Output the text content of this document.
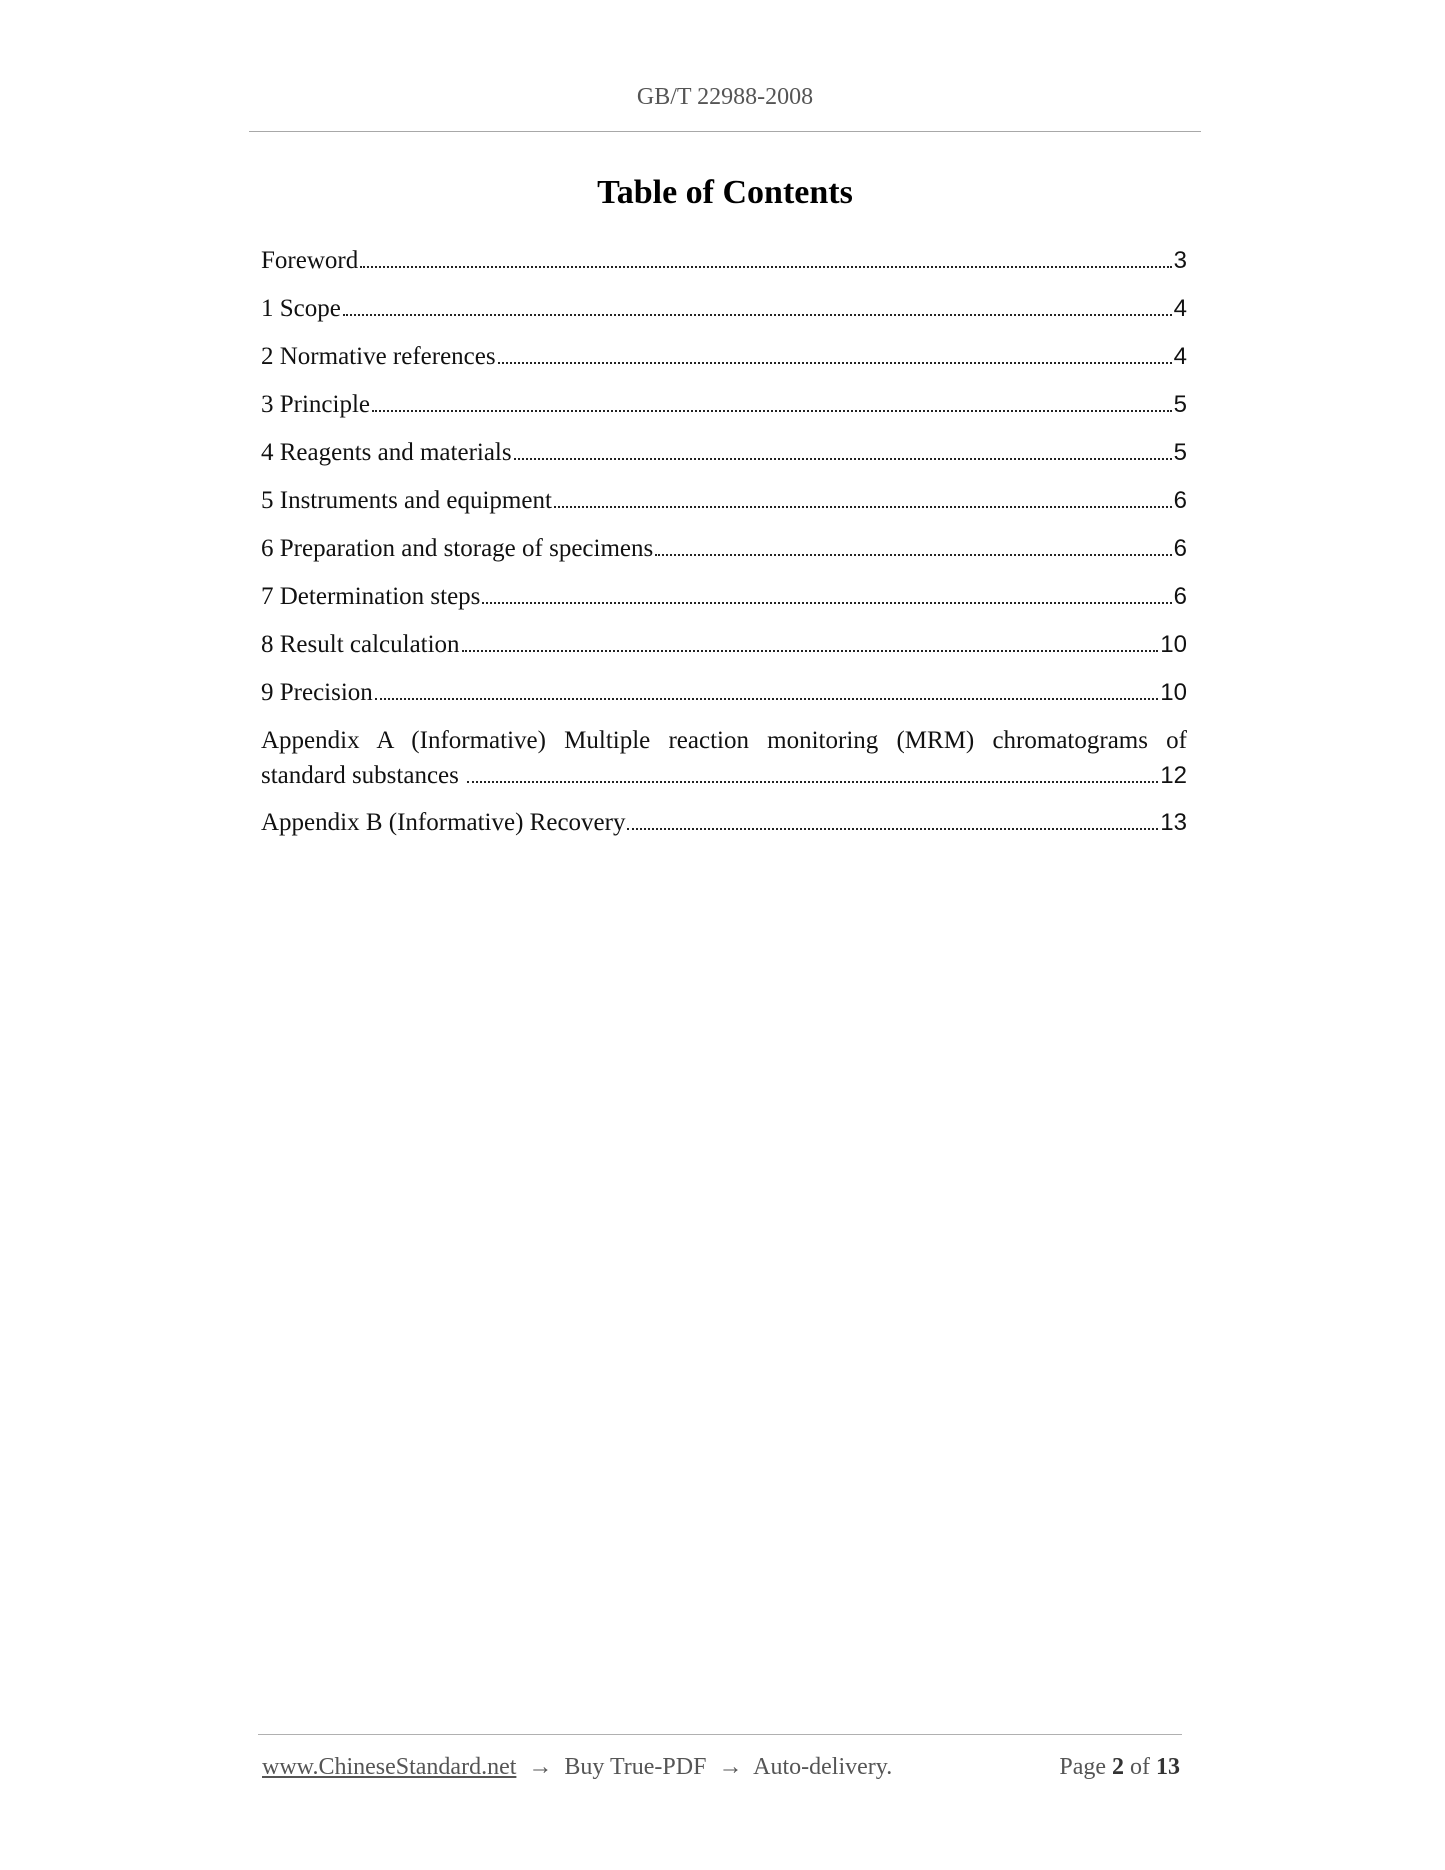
GB/T 22988-2008
Table of Contents
Foreword	3
1 Scope	4
2 Normative references	4
3 Principle	5
4 Reagents and materials	5
5 Instruments and equipment	6
6 Preparation and storage of specimens	6
7 Determination steps	6
8 Result calculation	10
9 Precision	10
Appendix A (Informative) Multiple reaction monitoring (MRM) chromatograms of
standard substances	12
Appendix B (Informative) Recovery	13
www.ChineseStandard.net → Buy True-PDF → Auto-delivery.	Page 2 of 13
